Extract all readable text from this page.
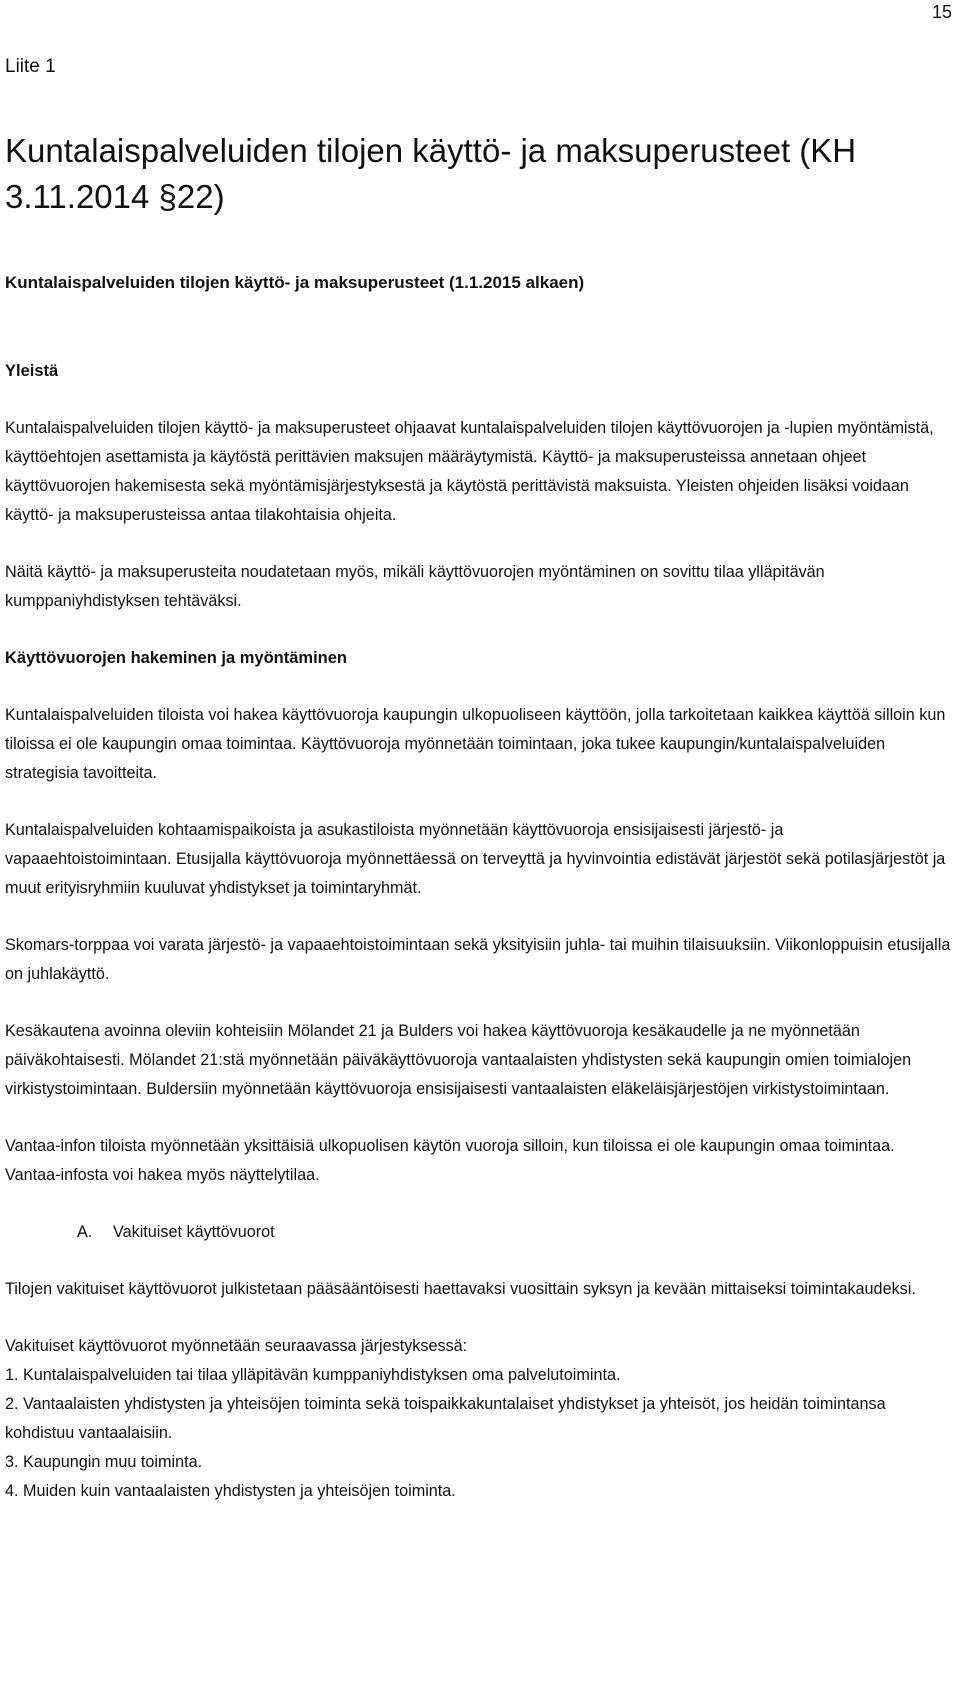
15
Liite 1
Kuntalaispalveluiden tilojen käyttö- ja maksuperusteet (KH 3.11.2014 §22)
Kuntalaispalveluiden tilojen käyttö- ja maksuperusteet (1.1.2015 alkaen)
Yleistä

Kuntalaispalveluiden tilojen käyttö- ja maksuperusteet ohjaavat kuntalaispalveluiden tilojen käyttövuorojen ja -lupien myöntämistä, käyttöehtojen asettamista ja käytöstä perittävien maksujen määräytymistä. Käyttö- ja maksuperusteissa annetaan ohjeet käyttövuorojen hakemisesta sekä myöntämisjärjestyksestä ja käytöstä perittävistä maksuista. Yleisten ohjeiden lisäksi voidaan käyttö- ja maksuperusteissa antaa tilakohtaisia ohjeita.

Näitä käyttö- ja maksuperusteita noudatetaan myös, mikäli käyttövuorojen myöntäminen on sovittu tilaa ylläpitävän kumppaniyhdistyksen tehtäväksi.

Käyttövuorojen hakeminen ja myöntäminen

Kuntalaispalveluiden tiloista voi hakea käyttövuoroja kaupungin ulkopuoliseen käyttöön, jolla tarkoitetaan kaikkea käyttöä silloin kun tiloissa ei ole kaupungin omaa toimintaa. Käyttövuoroja myönnetään toimintaan, joka tukee kaupungin/kuntalaispalveluiden strategisia tavoitteita.

Kuntalaispalveluiden kohtaamispaikoista ja asukastiloista myönnetään käyttövuoroja ensisijaisesti järjestö- ja vapaaehtoistoimintaan. Etusijalla käyttövuoroja myönnettäessä on terveyttä ja hyvinvointia edistävät järjestöt sekä potilasjärjestöt ja muut erityisryhmiin kuuluvat yhdistykset ja toimintaryhmät.

Skomars-torppaa voi varata järjestö- ja vapaaehtoistoimintaan sekä yksityisiin juhla- tai muihin tilaisuuksiin. Viikonloppuisin etusijalla on juhlakäyttö.

Kesäkautena avoinna oleviin kohteisiin Mölandet 21 ja Bulders voi hakea käyttövuoroja kesäkaudelle ja ne myönnetään päiväkohtaisesti. Mölandet 21:stä myönnetään päiväkäyttövuoroja vantaalaisten yhdistysten sekä kaupungin omien toimialojen virkistystoimintaan. Buldersiin myönnetään käyttövuoroja ensisijaisesti vantaalaisten eläkeläisjärjestöjen virkistystoimintaan.

Vantaa-infon tiloista myönnetään yksittäisiä ulkopuolisen käytön vuoroja silloin, kun tiloissa ei ole kaupungin omaa toimintaa. Vantaa-infosta voi hakea myös näyttelytilaa.

A. Vakituiset käyttövuorot

Tilojen vakituiset käyttövuorot julkistetaan pääsääntöisesti haettavaksi vuosittain syksyn ja kevään mittaiseksi toimintakaudeksi.

Vakituiset käyttövuorot myönnetään seuraavassa järjestyksessä:

1. Kuntalaispalveluiden tai tilaa ylläpitävän kumppaniyhdistyksen oma palvelutoiminta.

2. Vantaalaisten yhdistysten ja yhteisöjen toiminta sekä toispaikkakuntalaiset yhdistykset ja yhteisöt, jos heidän toimintansa kohdistuu vantaalaisiin.

3. Kaupungin muu toiminta.

4. Muiden kuin vantaalaisten yhdistysten ja yhteisöjen toiminta.
